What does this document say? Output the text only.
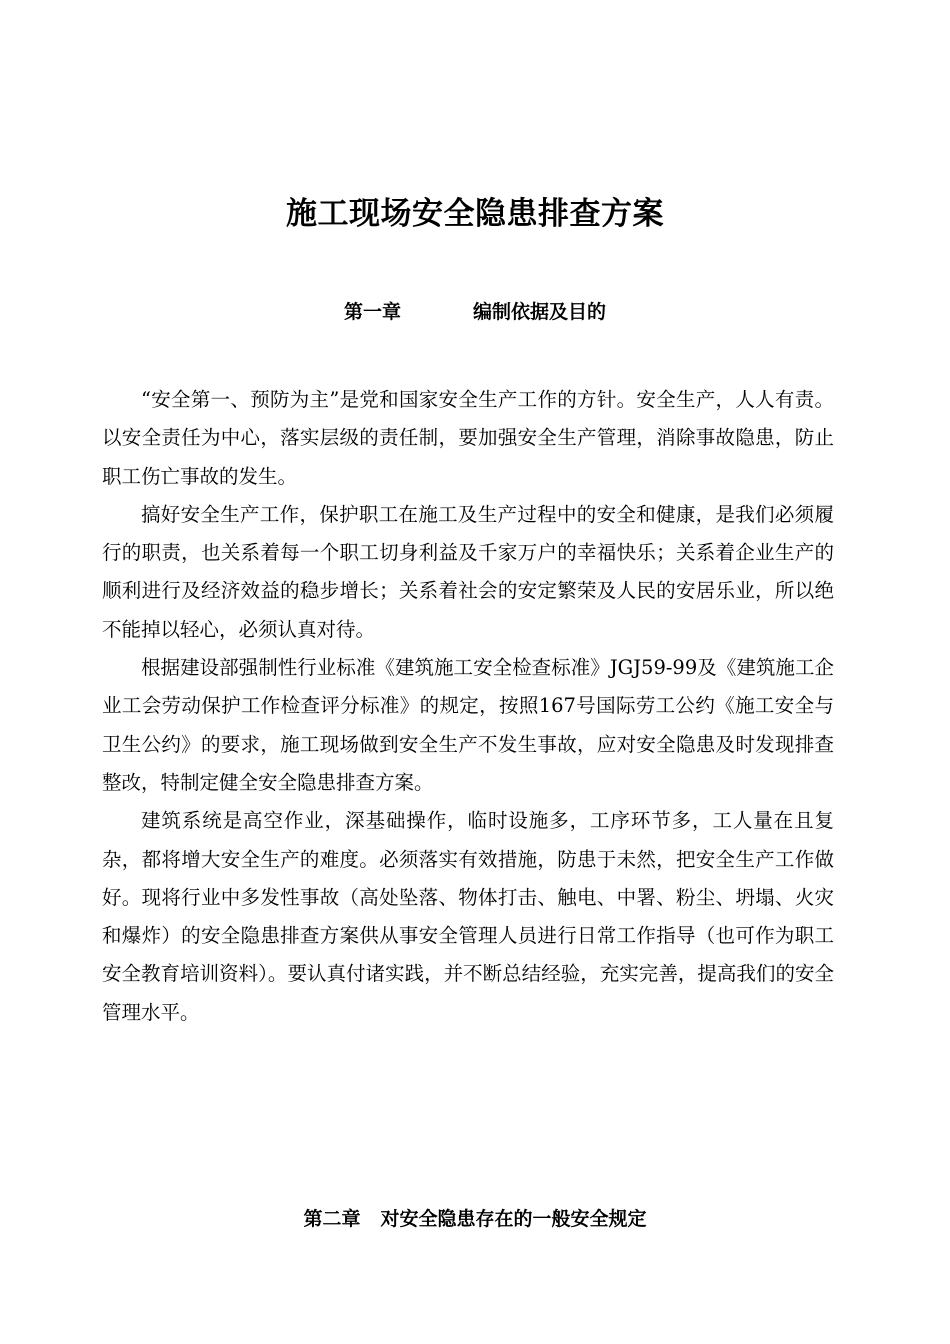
施工现场安全隐患排查方案
第一章	编制依据及目的

“安全第一、预防为主”是党和国家安全生产工作的方针。安全生产，人人有责。以安全责任为中心，落实层级的责任制，要加强安全生产管理，消除事故隐患，防止职工伤亡事故的发生。

搞好安全生产工作，保护职工在施工及生产过程中的安全和健康，是我们必须履行的职责，也关系着每一个职工切身利益及千家万户的幸福快乐；关系着企业生产的顺利进行及经济效益的稳步增长；关系着社会的安定繁荣及人民的安居乐业，所以绝不能掉以轻心，必须认真对待。

根据建设部强制性行业标准《建筑施工安全检查标准》JGJ59-99及《建筑施工企业工会劳动保护工作检查评分标准》的规定，按照167号国际劳工公约《施工安全与卫生公约》的要求，施工现场做到安全生产不发生事故，应对安全隐患及时发现排查整改，特制定健全安全隐患排查方案。

建筑系统是高空作业，深基础操作，临时设施多，工序环节多，工人量在且复杂，都将增大安全生产的难度。必须落实有效措施，防患于未然，把安全生产工作做好。现将行业中多发性事故（高处坠落、物体打击、触电、中署、粉尘、坍塌、火灾和爆炸）的安全隐患排查方案供从事安全管理人员进行日常工作指导（也可作为职工安全教育培训资料）。要认真付诸实践，并不断总结经验，充实完善，提高我们的安全管理水平。

第二章 对安全隐患存在的一般安全规定
